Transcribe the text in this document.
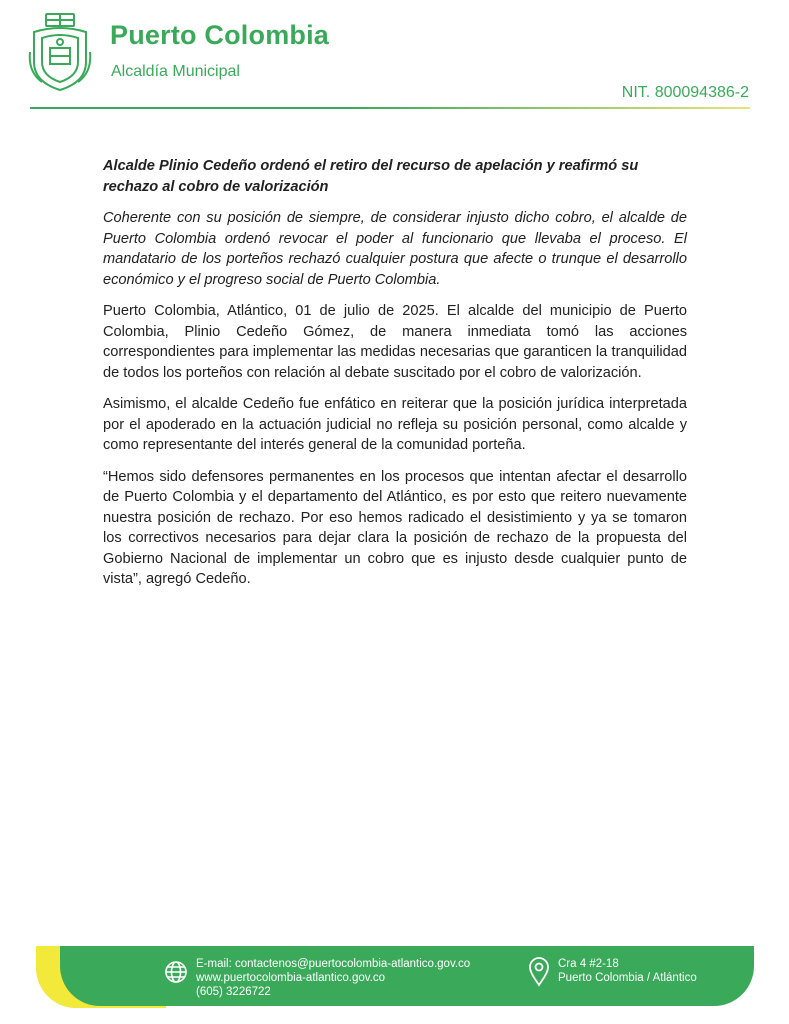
Puerto Colombia
Alcaldía Municipal
NIT. 800094386-2

Alcalde Plinio Cedeño ordenó el retiro del recurso de apelación y reafirmó su rechazo al cobro de valorización

Coherente con su posición de siempre, de considerar injusto dicho cobro, el alcalde de Puerto Colombia ordenó revocar el poder al funcionario que llevaba el proceso. El mandatario de los porteños rechazó cualquier postura que afecte o trunque el desarrollo económico y el progreso social de Puerto Colombia.

Puerto Colombia, Atlántico, 01 de julio de 2025. El alcalde del municipio de Puerto Colombia, Plinio Cedeño Gómez, de manera inmediata tomó las acciones correspondientes para implementar las medidas necesarias que garanticen la tranquilidad de todos los porteños con relación al debate suscitado por el cobro de valorización.

Asimismo, el alcalde Cedeño fue enfático en reiterar que la posición jurídica interpretada por el apoderado en la actuación judicial no refleja su posición personal, como alcalde y como representante del interés general de la comunidad porteña.

“Hemos sido defensores permanentes en los procesos que intentan afectar el desarrollo de Puerto Colombia y el departamento del Atlántico, es por esto que reitero nuevamente nuestra posición de rechazo. Por eso hemos radicado el desistimiento y ya se tomaron los correctivos necesarios para dejar clara la posición de rechazo de la propuesta del Gobierno Nacional de implementar un cobro que es injusto desde cualquier punto de vista”, agregó Cedeño.

E-mail: contactenos@puertocolombia-atlantico.gov.co
www.puertocolombia-atlantico.gov.co
(605) 3226722
Cra 4 #2-18
Puerto Colombia / Atlántico
